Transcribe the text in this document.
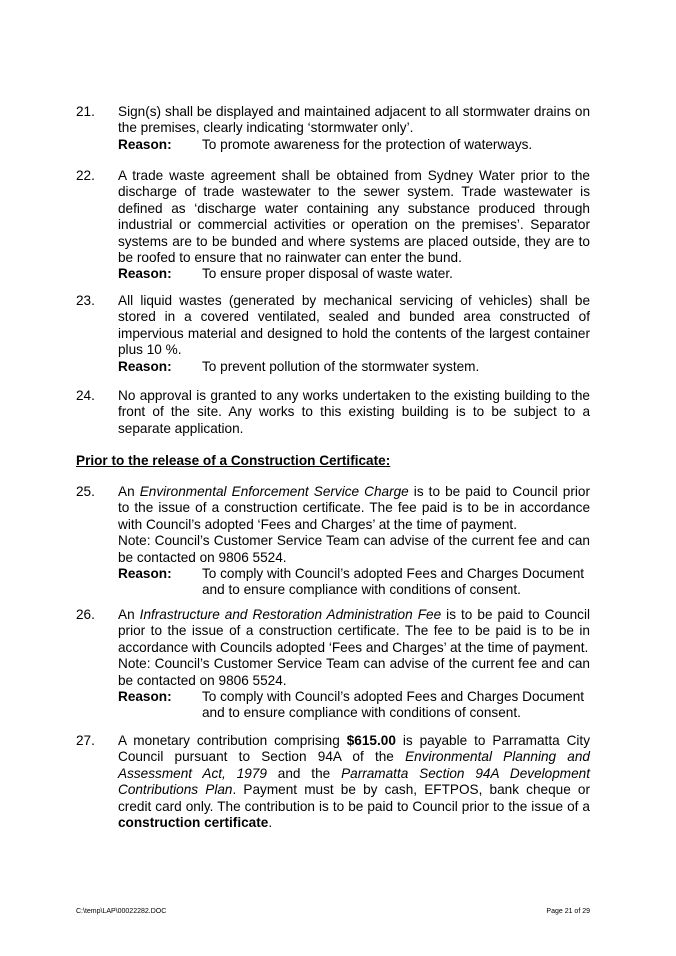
21. Sign(s) shall be displayed and maintained adjacent to all stormwater drains on the premises, clearly indicating ‘stormwater only’.

Reason: To promote awareness for the protection of waterways.
22. A trade waste agreement shall be obtained from Sydney Water prior to the discharge of trade wastewater to the sewer system. Trade wastewater is defined as ‘discharge water containing any substance produced through industrial or commercial activities or operation on the premises’. Separator systems are to be bunded and where systems are placed outside, they are to be roofed to ensure that no rainwater can enter the bund.

Reason: To ensure proper disposal of waste water.
23. All liquid wastes (generated by mechanical servicing of vehicles) shall be stored in a covered ventilated, sealed and bunded area constructed of impervious material and designed to hold the contents of the largest container plus 10 %.

Reason: To prevent pollution of the stormwater system.
24. No approval is granted to any works undertaken to the existing building to the front of the site. Any works to this existing building is to be subject to a separate application.

Prior to the release of a Construction Certificate:
25. An Environmental Enforcement Service Charge is to be paid to Council prior to the issue of a construction certificate. The fee paid is to be in accordance with Council’s adopted ‘Fees and Charges’ at the time of payment.

Note: Council’s Customer Service Team can advise of the current fee and can be contacted on 9806 5524.

Reason: To comply with Council’s adopted Fees and Charges Document and to ensure compliance with conditions of consent.
26. An Infrastructure and Restoration Administration Fee is to be paid to Council prior to the issue of a construction certificate. The fee to be paid is to be in accordance with Councils adopted ‘Fees and Charges’ at the time of payment.

Note: Council’s Customer Service Team can advise of the current fee and can be contacted on 9806 5524.

Reason: To comply with Council’s adopted Fees and Charges Document and to ensure compliance with conditions of consent.
27. A monetary contribution comprising $615.00 is payable to Parramatta City Council pursuant to Section 94A of the Environmental Planning and Assessment Act, 1979 and the Parramatta Section 94A Development Contributions Plan. Payment must be by cash, EFTPOS, bank cheque or credit card only. The contribution is to be paid to Council prior to the issue of a construction certificate.

C:\temp\LAP\00022282.DOC	Page 21 of 29
